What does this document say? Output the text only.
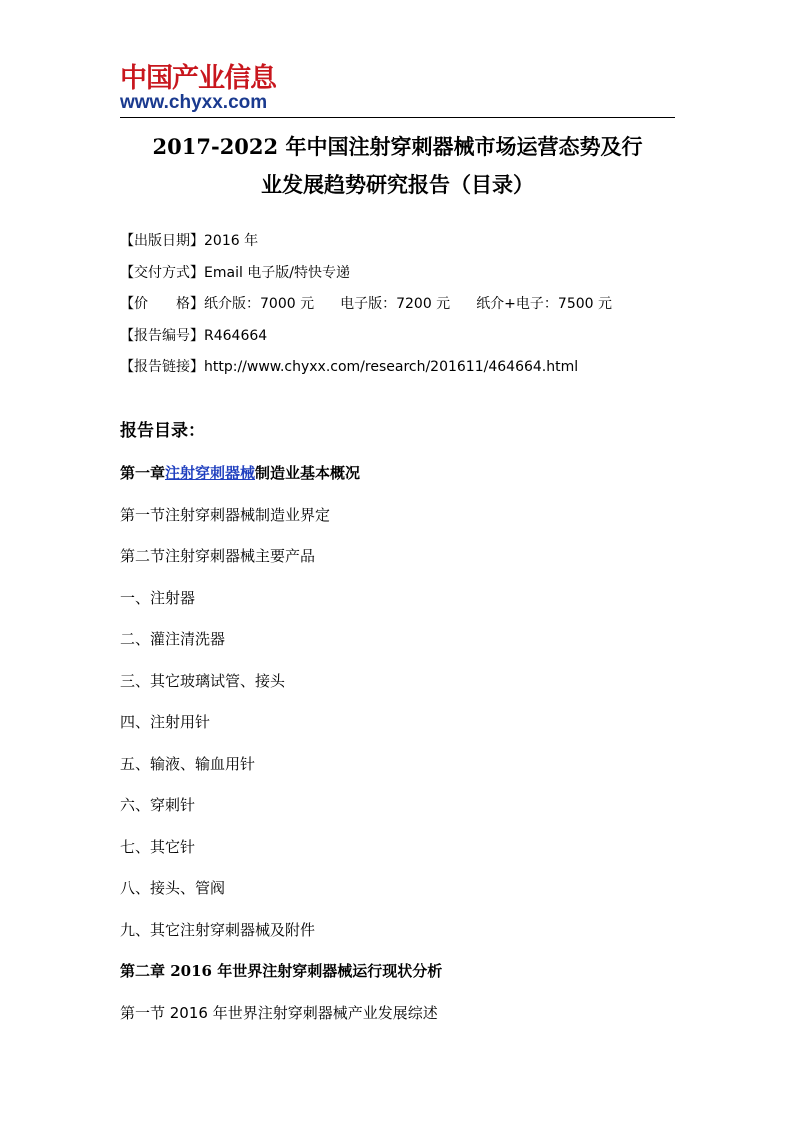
中国产业信息
www.chyxx.com
2017-2022 年中国注射穿刺器械市场运营态势及行
业发展趋势研究报告（目录）
【出版日期】2016 年
【交付方式】Email 电子版/特快专递
【价　　格】纸介版：7000 元 电子版：7200 元 纸介+电子：7500 元
【报告编号】R464664
【报告链接】http://www.chyxx.com/research/201611/464664.html
报告目录：
第一章注射穿刺器械制造业基本概况
第一节注射穿刺器械制造业界定
第二节注射穿刺器械主要产品
一、注射器
二、灌注清洗器
三、其它玻璃试管、接头
四、注射用针
五、输液、输血用针
六、穿刺针
七、其它针
八、接头、管阀
九、其它注射穿刺器械及附件
第二章 2016 年世界注射穿刺器械运行现状分析
第一节 2016 年世界注射穿刺器械产业发展综述
